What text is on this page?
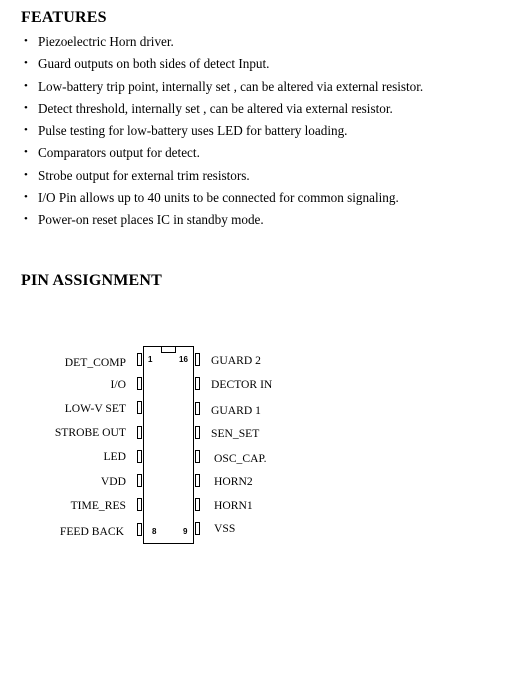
FEATURES
• Piezoelectric Horn driver.
• Guard outputs on both sides of detect Input.
• Low-battery trip point, internally set , can be altered via external resistor.
• Detect threshold, internally set , can be altered via external resistor.
• Pulse testing for low-battery uses LED for battery loading.
• Comparators output for detect.
• Strobe output for external trim resistors.
• I/O Pin allows up to 40 units to be connected for common signaling.
• Power-on reset places IC in standby mode.
PIN ASSIGNMENT
1	16
8	9
DET_COMP
I/O
LOW-V SET
STROBE OUT
LED
VDD
TIME_RES
FEED BACK
GUARD 2
DECTOR IN
GUARD 1
SEN_SET
OSC_CAP.
HORN2
HORN1
VSS
